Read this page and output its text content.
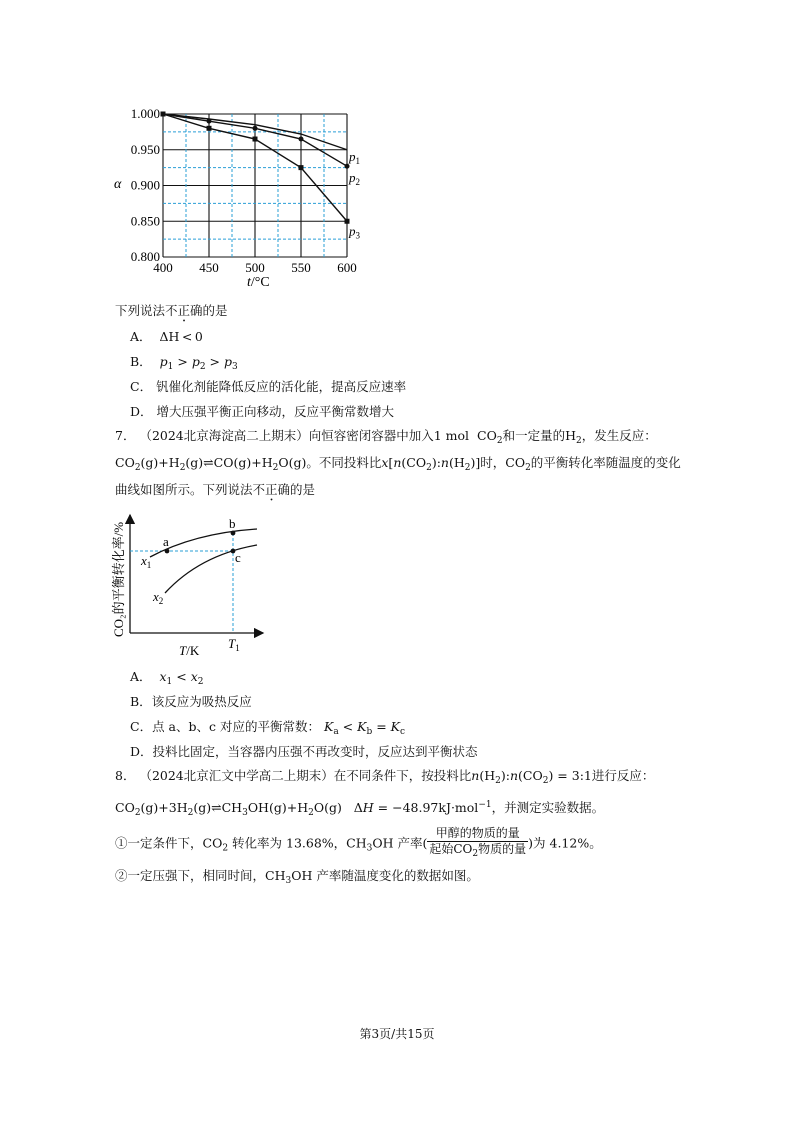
400 450 500 550 600
1.000
0.950
0.900
0.850
0.800
$p_1$
$p_2$
$p_3$
α
t/°C
下列说法不正确的是
A．  ΔH < 0
B． $p_1 > p_2 > p_3$
C． 钒催化剂能降低反应的活化能，提高反应速率
D． 增大压强平衡正向移动，反应平衡常数增大
7． （2024北京海淀高二上期末）向恒容密闭容器中加入1 mol  $CO_2$和一定量的$H_2$，发生反应：
$CO_2(g)+H_2(g)\rightleftharpoons CO(g)+H_2O(g)$。不同投料比$x[n(CO_2):n(H_2)]$时，$CO_2$的平衡转化率随温度的变化
曲线如图所示。下列说法不正确的是
a
b
c
$x_1$
$x_2$
CO₂的平衡转化率/%
T/K $T_1$
A． $x_1 < x_2$
B．该反应为吸热反应
C．点 a、b、c 对应的平衡常数： $K_a < K_b = K_c$
D．投料比固定，当容器内压强不再改变时，反应达到平衡状态
8． （2024北京汇文中学高二上期末）在不同条件下，按投料比$n(H_2):n(CO_2)$ = 3:1进行反应：
$CO_2(g)+3H_2(g)\rightleftharpoons CH_3OH(g)+H_2O(g) \Delta H = -48.97kJ\cdot mol^{-1}$，并测定实验数据。
①一定条件下，$CO_2$ 转化率为 13.68%，$CH_3OH$ 产率( $\frac{\text{甲醇的物质的量}}{起始CO_2物质的量}$ )为 4.12%。
②一定压强下，相同时间，$CH_3OH$ 产率随温度变化的数据如图。
第3页/共15页
